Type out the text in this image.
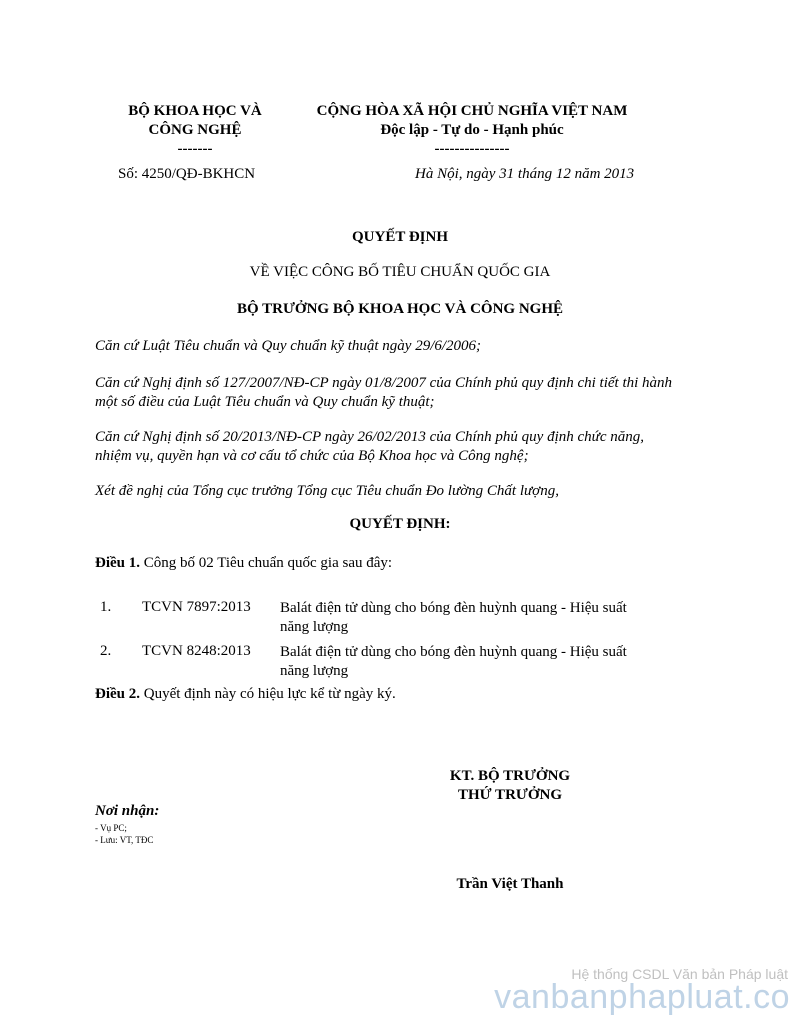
BỘ KHOA HỌC VÀ
CÔNG NGHỆ
-------
CỘNG HÒA XÃ HỘI CHỦ NGHĨA VIỆT NAM
Độc lập - Tự do - Hạnh phúc
---------------
Số: 4250/QĐ-BKHCN	Hà Nội, ngày 31 tháng 12 năm 2013
QUYẾT ĐỊNH
VỀ VIỆC CÔNG BỐ TIÊU CHUẨN QUỐC GIA
BỘ TRƯỞNG BỘ KHOA HỌC VÀ CÔNG NGHỆ
Căn cứ Luật Tiêu chuẩn và Quy chuẩn kỹ thuật ngày 29/6/2006;
Căn cứ Nghị định số 127/2007/NĐ-CP ngày 01/8/2007 của Chính phủ quy định chi tiết thi hành
một số điều của Luật Tiêu chuẩn và Quy chuẩn kỹ thuật;
Căn cứ Nghị định số 20/2013/NĐ-CP ngày 26/02/2013 của Chính phủ quy định chức năng,
nhiệm vụ, quyền hạn và cơ cấu tổ chức của Bộ Khoa học và Công nghệ;
Xét đề nghị của Tổng cục trưởng Tổng cục Tiêu chuẩn Đo lường Chất lượng,
QUYẾT ĐỊNH:
Điều 1. Công bố 02 Tiêu chuẩn quốc gia sau đây:
1. TCVN 7897:2013 Balát điện tử dùng cho bóng đèn huỳnh quang - Hiệu suất
năng lượng
2. TCVN 8248:2013 Balát điện tử dùng cho bóng đèn huỳnh quang - Hiệu suất
năng lượng
Điều 2. Quyết định này có hiệu lực kể từ ngày ký.
KT. BỘ TRƯỞNG
THỨ TRƯỞNG
Trần Việt Thanh
Nơi nhận:
- Vụ PC;
- Lưu: VT, TĐC
Hệ thống CSDL Văn bản Pháp luật
vanbanphapluat.co
